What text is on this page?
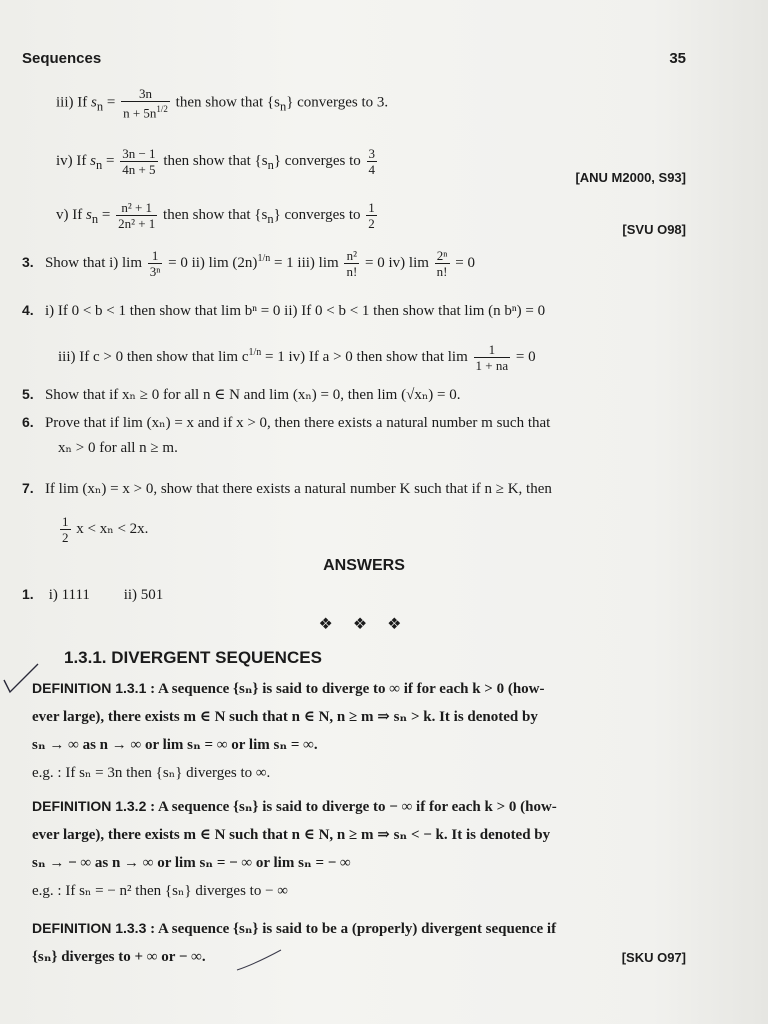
Sequences	35
iii) If $s_n = \frac{3n}{n + 5n^{1/2}}$ then show that $\{s_n\}$ converges to 3.
iv) If $s_n = \frac{3n - 1}{4n + 5}$ then show that $\{s_n\}$ converges to $\frac{3}{4}$
[ANU M2000, S93]
v) If $s_n = \frac{\text{n² + 1}}{\text{2n² + 1}}$ then show that $\{s_n\}$ converges to $\frac{1}{2}$	[SVU O98]
3. Show that i) $\lim \frac{1}{\text{3ⁿ}} = 0$ ii) $\lim (2n)^{1/n} = 1$ iii) $\lim \frac{\text{n²}}{n!} = 0$ iv) $\lim \frac{\text{2ⁿ}}{n!} = 0$
4. i) If 0 < b < 1 then show that lim bⁿ = 0 ii) If 0 < b < 1 then show that lim (n bⁿ) = 0
iii) If c > 0 then show that $\lim c^{1/n} = 1$ iv) If a > 0 then show that $\lim \frac{1}{1 + na} = 0$
5. Show that if xₙ ≥ 0 for all n ∈ N and lim (xₙ) = 0, then lim (√xₙ) = 0.
6. Prove that if lim (xₙ) = x and if x > 0, then there exists a natural number m such that
xₙ > 0 for all n ≥ m.
7. If lim (xₙ) = x > 0, show that there exists a natural number K such that if n ≥ K, then
$\frac{1}{2}$ x < xₙ < 2x.
ANSWERS
1. i) 1111 ii) 501
❖ ❖ ❖
1.3.1. DIVERGENT SEQUENCES
DEFINITION 1.3.1 : A sequence {sₙ} is said to diverge to ∞ if for each k > 0 (how-
ever large), there exists m ∈ N such that n ∈ N, n ≥ m ⇒ sₙ > k. It is denoted by
sₙ → ∞ as n → ∞ or lim sₙ = ∞ or lim sₙ = ∞.
e.g. : If sₙ = 3n then {sₙ} diverges to ∞.
DEFINITION 1.3.2 : A sequence {sₙ} is said to diverge to − ∞ if for each k > 0 (how-
ever large), there exists m ∈ N such that n ∈ N, n ≥ m ⇒ sₙ < − k. It is denoted by
sₙ → − ∞ as n → ∞ or lim sₙ = − ∞ or lim sₙ = − ∞
e.g. : If sₙ = − n² then {sₙ} diverges to − ∞
DEFINITION 1.3.3 : A sequence {sₙ} is said to be a (properly) divergent sequence if
{sₙ} diverges to + ∞ or − ∞.	[SKU O97]
